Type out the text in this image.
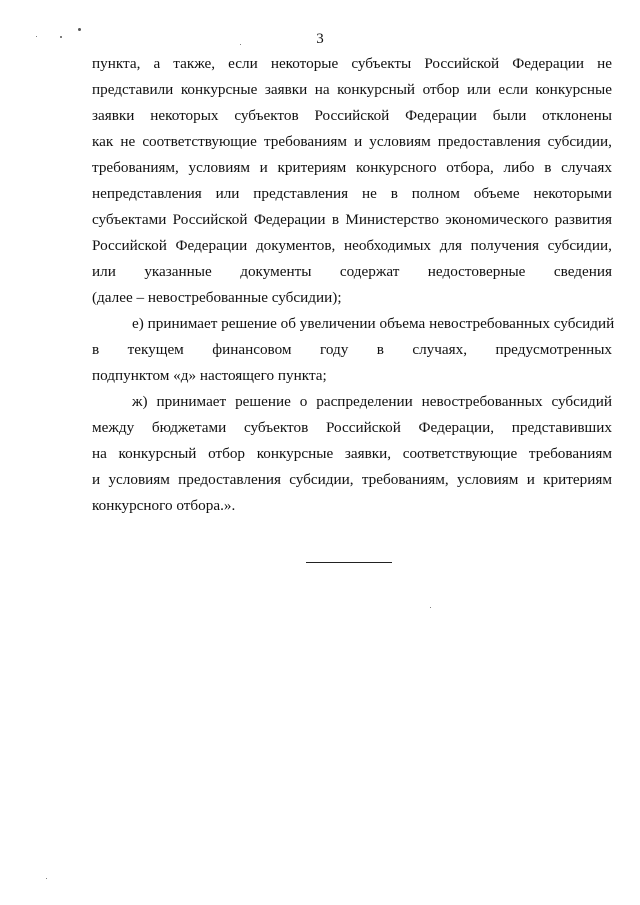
3
пункта, а также, если некоторые субъекты Российской Федерации не
представили конкурсные заявки на конкурсный отбор или если конкурсные
заявки некоторых субъектов Российской Федерации были отклонены
как не соответствующие требованиям и условиям предоставления субсидии,
требованиям, условиям и критериям конкурсного отбора, либо в случаях
непредставления или представления не в полном объеме некоторыми
субъектами Российской Федерации в Министерство экономического развития
Российской Федерации документов, необходимых для получения субсидии,
или указанные документы содержат недостоверные сведения
(далее – невостребованные субсидии);
е) принимает решение об увеличении объема невостребованных субсидий
в текущем финансовом году в случаях, предусмотренных
подпунктом «д» настоящего пункта;
ж) принимает решение о распределении невостребованных субсидий
между бюджетами субъектов Российской Федерации, представивших
на конкурсный отбор конкурсные заявки, соответствующие требованиям
и условиям предоставления субсидии, требованиям, условиям и критериям
конкурсного отбора.».
